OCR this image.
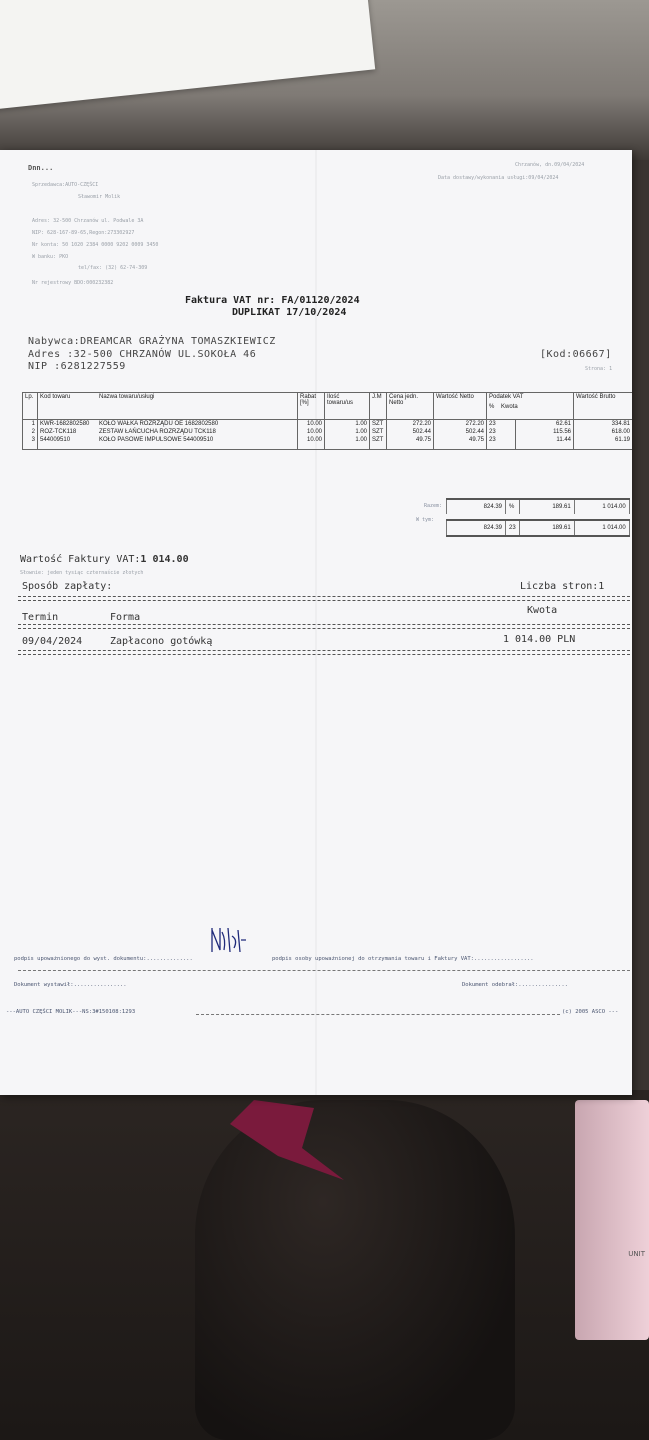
UNIT
Dnn...	Chrzanów, dn.09/04/2024
Data dostawy/wykonania usługi:09/04/2024
Sprzedawca:AUTO-CZĘŚCI
Sławomir Molik
Adres: 32-500 Chrzanów ul. Podwale 3A
NIP: 628-167-89-65,Regon:273302927
Nr konta: 50 1020 2384 0000 9202 0009 3450
W banku: PKO
tel/fax: (32) 62-74-309
Nr rejestrowy BDO:000232382
Faktura VAT nr: FA/01120/2024
DUPLIKAT 17/10/2024
Nabywca:DREAMCAR GRAŻYNA TOMASZKIEWICZ
Adres :32-500 CHRZANÓW UL.SOKOŁA 46
NIP :6281227559
[Kod:06667]
Strona: 1
Lp.	Kod towaru	Nazwa towaru/usługi	Rabat [%]	Ilość towaru/us	J.M	Cena jedn. Netto	Wartość Netto	Podatek VAT
% Kwota		Wartość Brutto
1	KWR-1682802580	KOŁO WAŁKA ROZRZĄDU OE 1682802580	10.00	1.00	SZT	272.20	272.20	23	62.61	334.81
2	ROZ-TCK118	ZESTAW ŁAŃCUCHA ROZRZĄDU TCK118	10.00	1.00	SZT	502.44	502.44	23	115.56	618.00
3	544009510	KOŁO PASOWE IMPULSOWE 544009510	10.00	1.00	SZT	49.75	49.75	23	11.44	61.19
Razem:
W tym:
824.39	%	189.61	1 014.00

824.39	23	189.61	1 014.00
Wartość Faktury VAT:1 014.00
Słownie: jeden tysiąc czternaście złotych
Sposób zapłaty:	Liczba stron:1
Kwota
Termin	Forma
09/04/2024	Zapłacono gotówką	1 014.00 PLN
podpis upoważnionego do wyst. dokumentu:..............	podpis osoby upoważnionej do otrzymania towaru i Faktury VAT:..................
Dokument wystawił:................	Dokument odebrał:...............
---AUTO CZĘŚCI MOLIK---NS:3#150108:1293	(c) 2005 ASCO ---
